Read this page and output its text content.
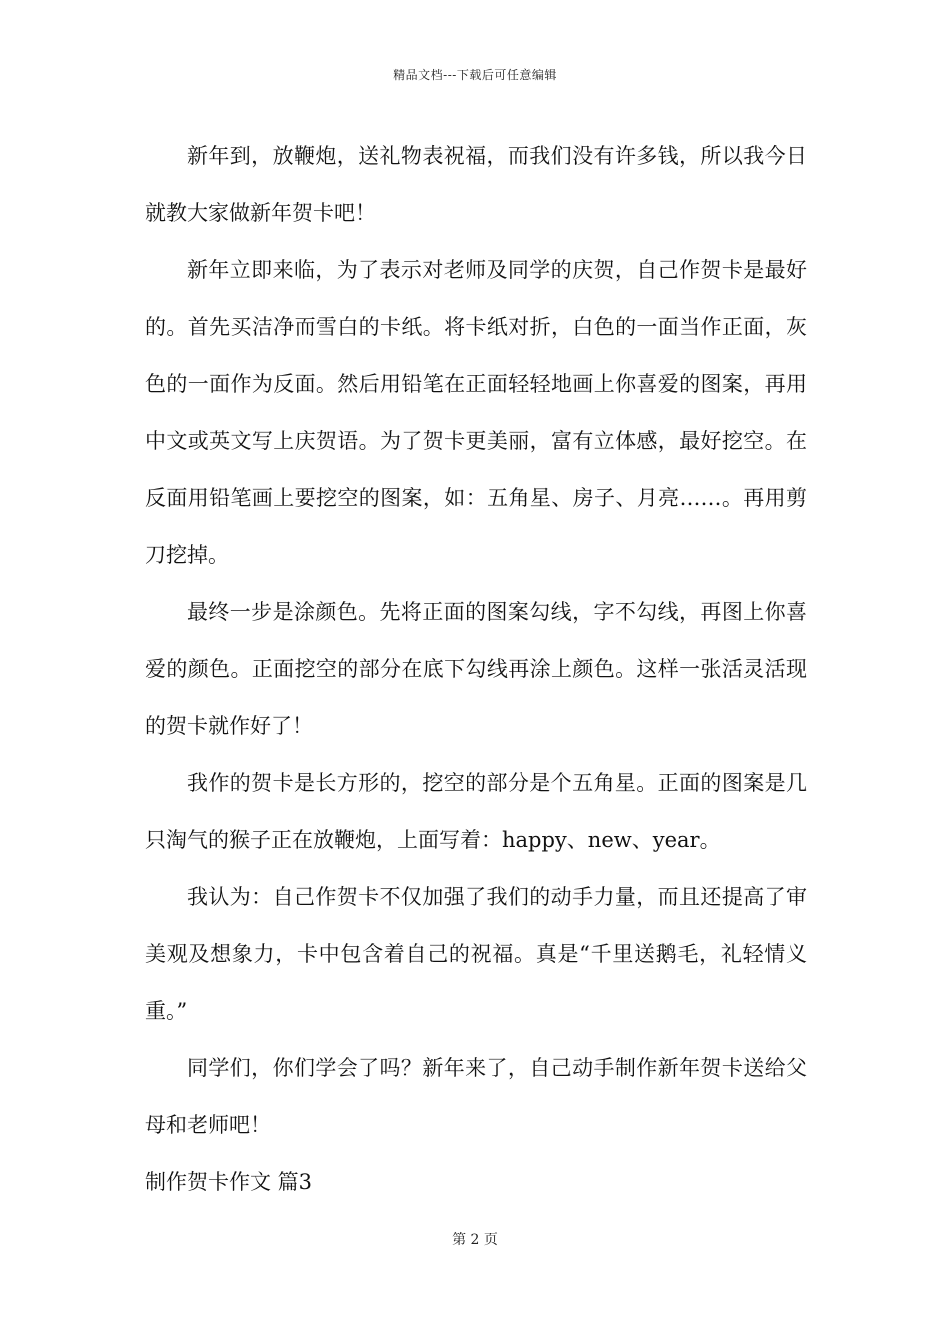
精品文档---下载后可任意编辑

新年到，放鞭炮，送礼物表祝福，而我们没有许多钱，所以我今日就教大家做新年贺卡吧！

新年立即来临，为了表示对老师及同学的庆贺，自己作贺卡是最好的。首先买洁净而雪白的卡纸。将卡纸对折，白色的一面当作正面，灰色的一面作为反面。然后用铅笔在正面轻轻地画上你喜爱的图案，再用中文或英文写上庆贺语。为了贺卡更美丽，富有立体感，最好挖空。在反面用铅笔画上要挖空的图案，如：五角星、房子、月亮……。再用剪刀挖掉。

最终一步是涂颜色。先将正面的图案勾线，字不勾线，再图上你喜爱的颜色。正面挖空的部分在底下勾线再涂上颜色。这样一张活灵活现的贺卡就作好了！

我作的贺卡是长方形的，挖空的部分是个五角星。正面的图案是几只淘气的猴子正在放鞭炮，上面写着：happy、new、year。

我认为：自己作贺卡不仅加强了我们的动手力量，而且还提高了审美观及想象力，卡中包含着自己的祝福。真是“千里送鹅毛，礼轻情义重。”

同学们，你们学会了吗？新年来了，自己动手制作新年贺卡送给父母和老师吧！

制作贺卡作文 篇3

第 2 页
